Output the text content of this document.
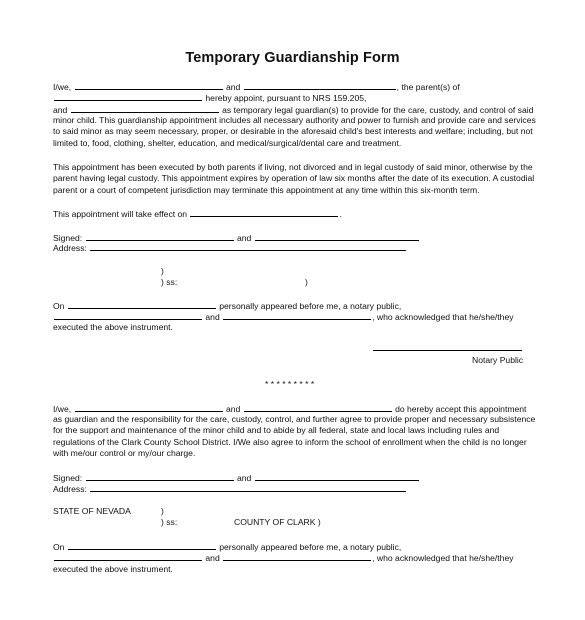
Temporary Guardianship Form
I/we,	and	, the parent(s) of
hereby appoint, pursuant to NRS 159.205,
and	as temporary legal guardian(s) to provide for the care, custody, and control of said
minor child. This guardianship appointment includes all necessary authority and power to furnish and provide care and services
to said minor as may seem necessary, proper, or desirable in the aforesaid child's best interests and welfare; including, but not
limited to, food, clothing, shelter, education, and medical/surgical/dental care and treatment.
This appointment has been executed by both parents if living, not divorced and in legal custody of said minor, otherwise by the
parent having legal custody. This appointment expires by operation of law six months after the date of its execution. A custodial
parent or a court of competent jurisdiction may terminate this appointment at any time within this six-month term.
This appointment will take effect on	.
Signed:	and
Address:
)
) ss:	)
On	personally appeared before me, a notary public,
and	, who acknowledged that he/she/they
executed the above instrument.
Notary Public
* * * * * * * * *
I/we,	and	do hereby accept this appointment
as guardian and the responsibility for the care, custody, control, and further agree to provide proper and necessary subsistence
for the support and maintenance of the minor child and to abide by all federal, state and local laws including rules and
regulations of the Clark County School District. I/We also agree to inform the school of enrollment when the child is no longer
with me/our control or my/our charge.
Signed:	and
Address:
STATE OF NEVADA	)
) ss:	COUNTY OF CLARK )
On	personally appeared before me, a notary public,
and	, who acknowledged that he/she/they
executed the above instrument.
